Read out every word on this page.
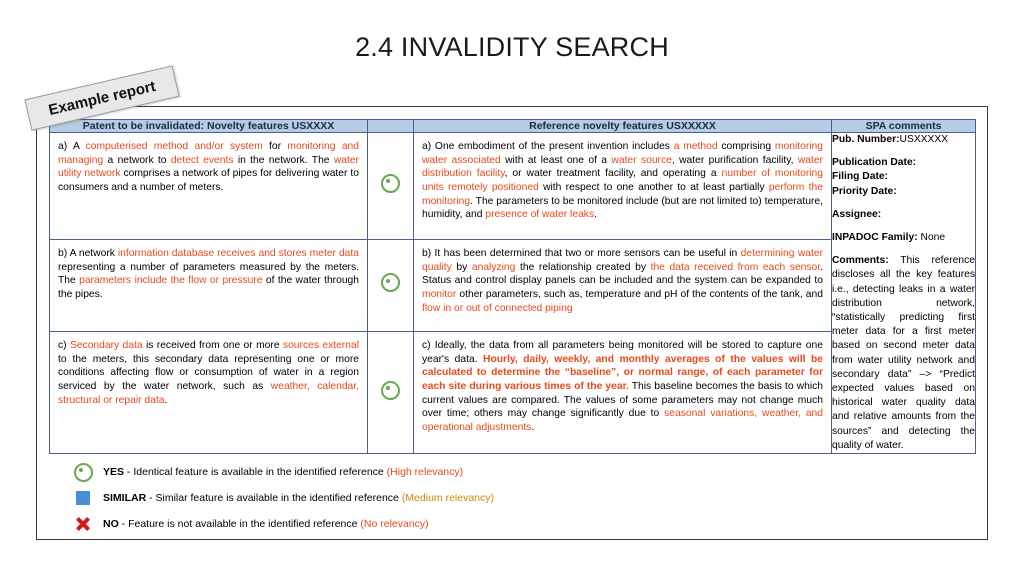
2.4 INVALIDITY SEARCH
Patent to be invalidated: Novelty features USXXXX		Reference novelty features USXXXXX	SPA comments
a) A computerised method and/or system for monitoring and managing a network to detect events in the network. The water utility network comprises a network of pipes for delivering water to consumers and a number of meters.		a) One embodiment of the present invention includes a method comprising monitoring water associated with at least one of a water source, water purification facility, water distribution facility, or water treatment facility, and operating a number of monitoring units remotely positioned with respect to one another to at least partially perform the monitoring. The parameters to be monitored include (but are not limited to) temperature, humidity, and presence of water leaks.	
Pub. Number:USXXXXX
Publication Date:
Filing Date:
Priority Date:
Assignee:
INPADOC Family: None
Comments: This reference discloses all the key features i.e., detecting leaks in a water distribution network, “statistically predicting first meter data for a first meter based on second meter data from water utility network and secondary data” –> “Predict expected values based on historical water quality data and relative amounts from the sources” and detecting the quality of water.

b) A network information database receives and stores meter data representing a number of parameters measured by the meters. The parameters include the flow or pressure of the water through the pipes.		b) It has been determined that two or more sensors can be useful in determining water quality by analyzing the relationship created by the data received from each sensor. Status and control display panels can be included and the system can be expanded to monitor other parameters, such as, temperature and pH of the contents of the tank, and flow in or out of connected piping	
c) Secondary data is received from one or more sources external to the meters, this secondary data representing one or more conditions affecting flow or consumption of water in a region serviced by the water network, such as weather, calendar, structural or repair data.		c) Ideally, the data from all parameters being monitored will be stored to capture one year's data. Hourly, daily, weekly, and monthly averages of the values will be calculated to determine the “baseline”, or normal range, of each parameter for each site during various times of the year. This baseline becomes the basis to which current values are compared. The values of some parameters may not change much over time; others may change significantly due to seasonal variations, weather, and operational adjustments.
YES - Identical feature is available in the identified reference (High relevancy)
SIMILAR - Similar feature is available in the identified reference (Medium relevancy)
NO - Feature is not available in the identified reference (No relevancy)
Example report
